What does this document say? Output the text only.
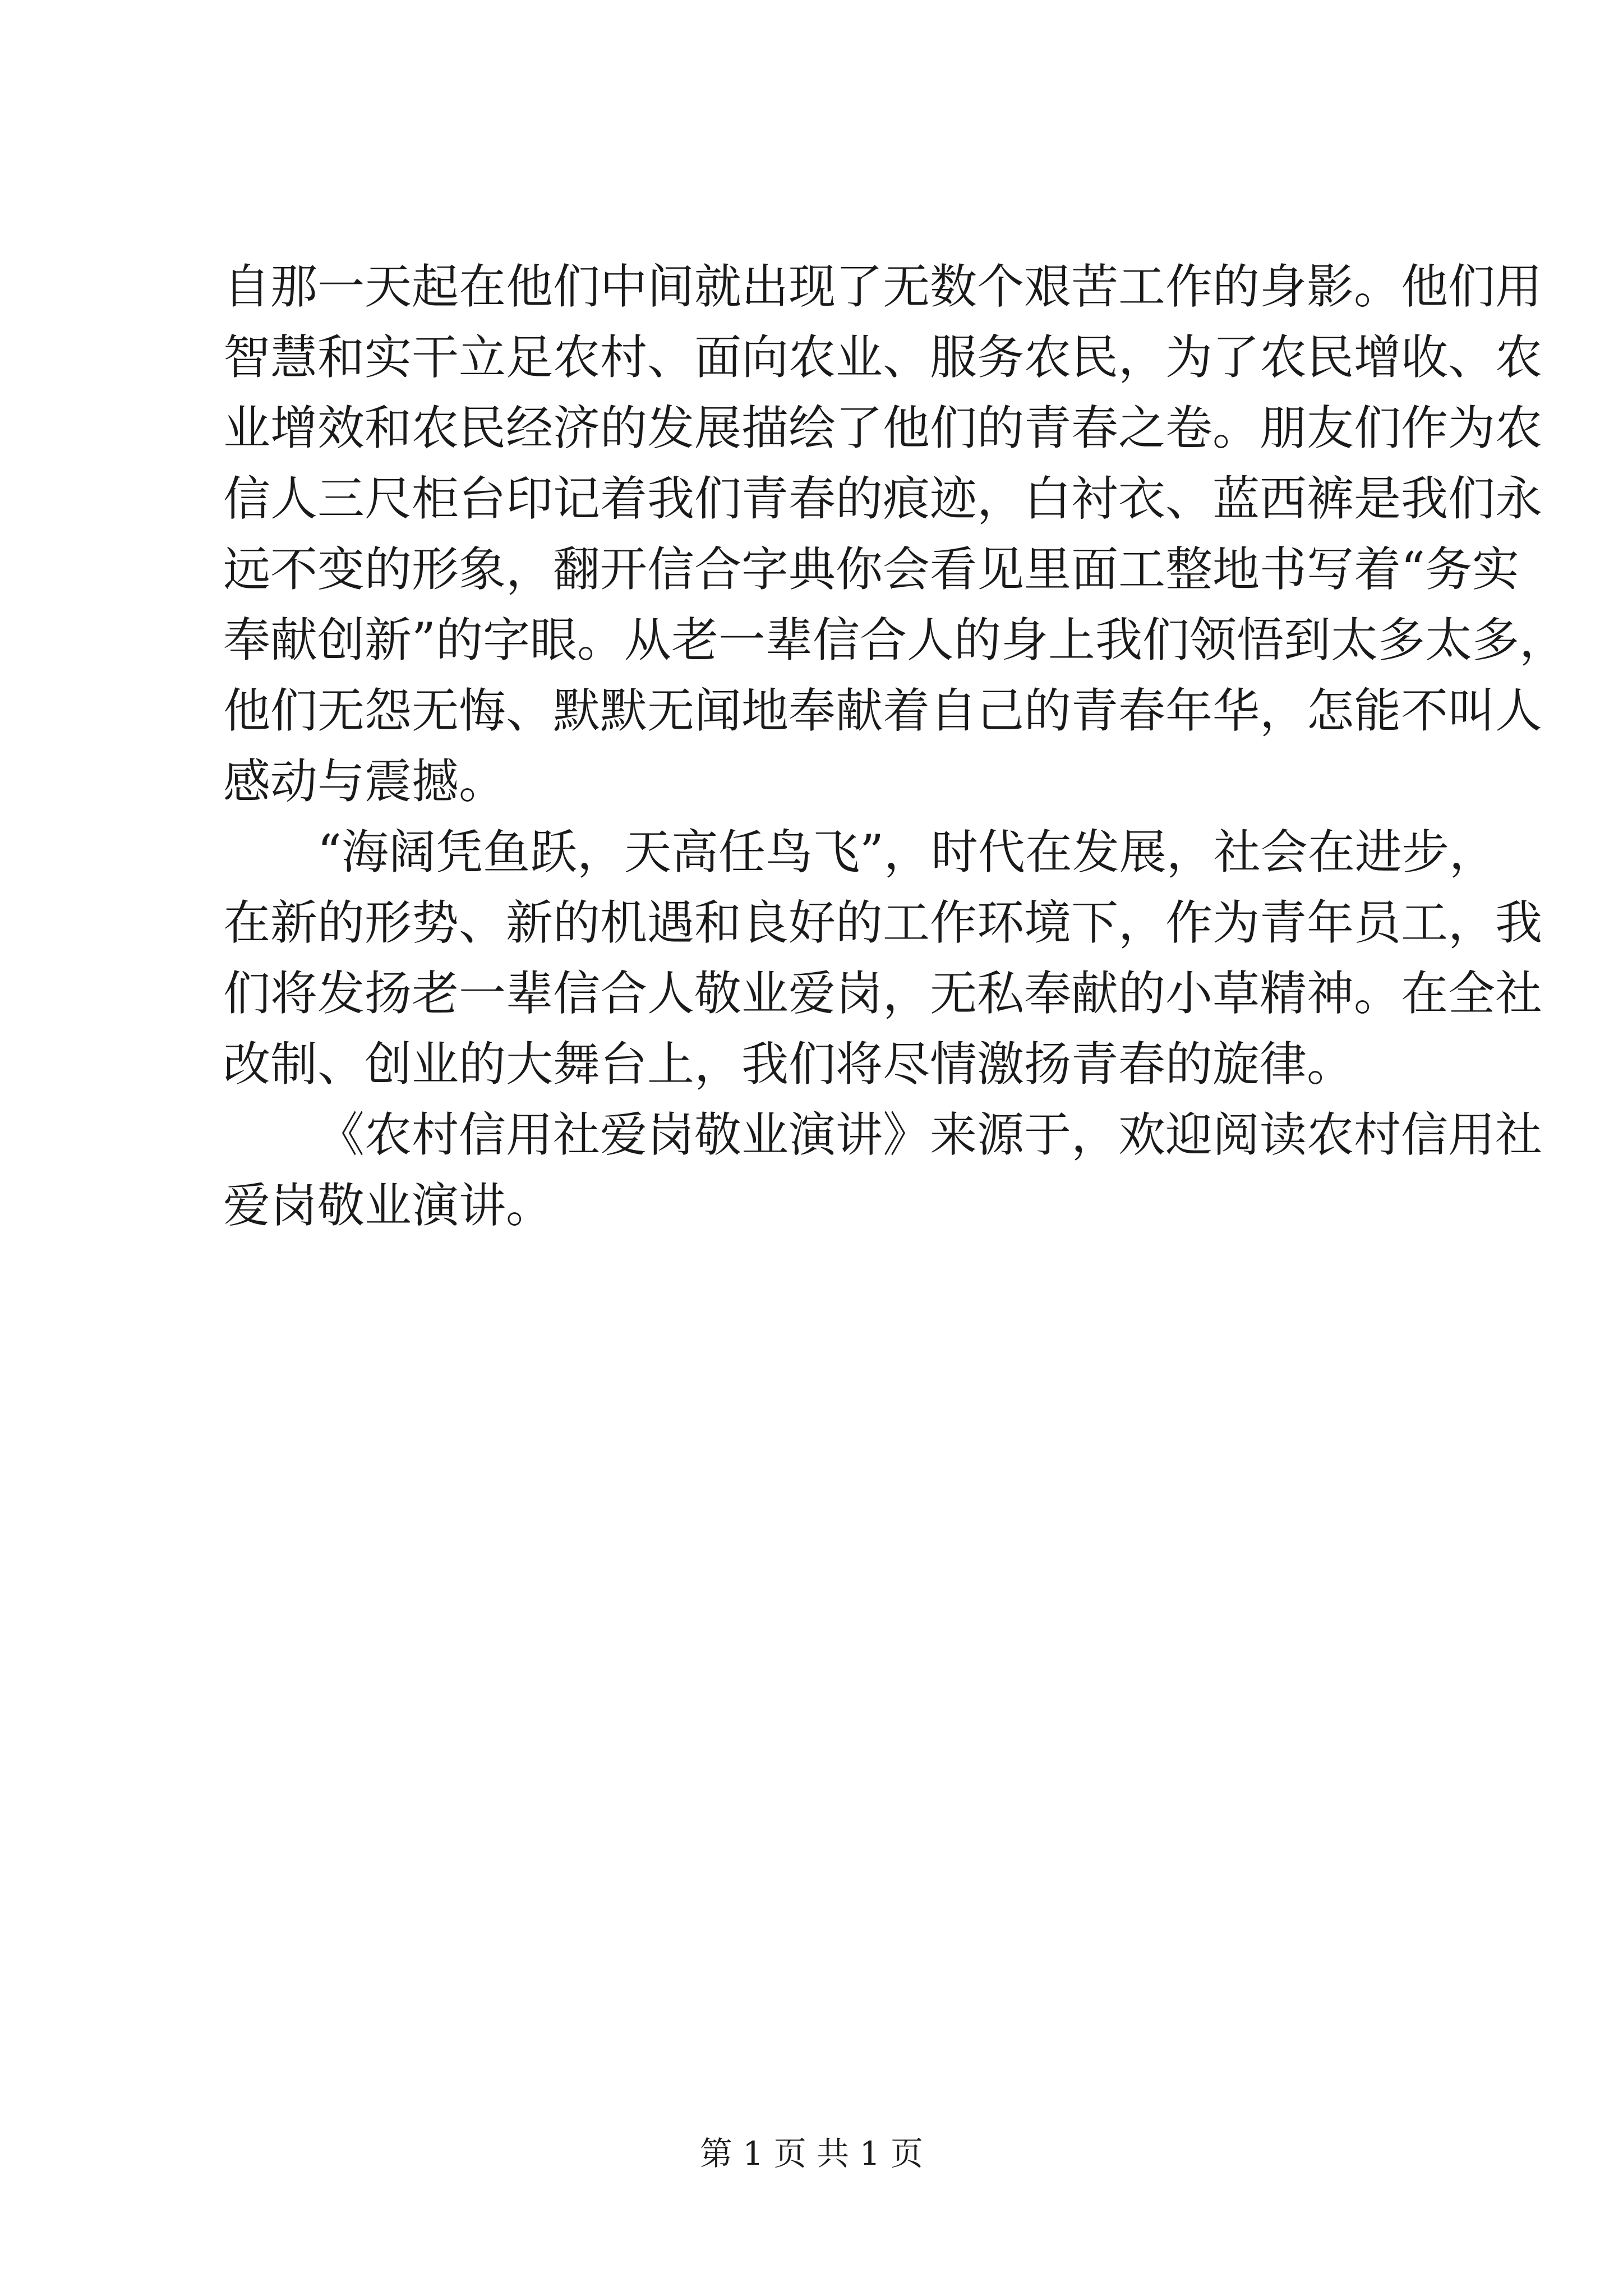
自那一天起在他们中间就出现了无数个艰苦工作的身影。他们用
智慧和实干立足农村、面向农业、服务农民，为了农民增收、农
业增效和农民经济的发展描绘了他们的青春之卷。朋友们作为农
信人三尺柜台印记着我们青春的痕迹，白衬衣、蓝西裤是我们永
远不变的形象，翻开信合字典你会看见里面工整地书写着“务实
奉献创新”的字眼。从老一辈信合人的身上我们领悟到太多太多，
他们无怨无悔、默默无闻地奉献着自己的青春年华，怎能不叫人
感动与震撼。
“海阔凭鱼跃，天高任鸟飞”，时代在发展，社会在进步，
在新的形势、新的机遇和良好的工作环境下，作为青年员工，我
们将发扬老一辈信合人敬业爱岗，无私奉献的小草精神。在全社
改制、创业的大舞台上，我们将尽情激扬青春的旋律。
《农村信用社爱岗敬业演讲》来源于，欢迎阅读农村信用社
爱岗敬业演讲。
第 1 页 共 1 页
